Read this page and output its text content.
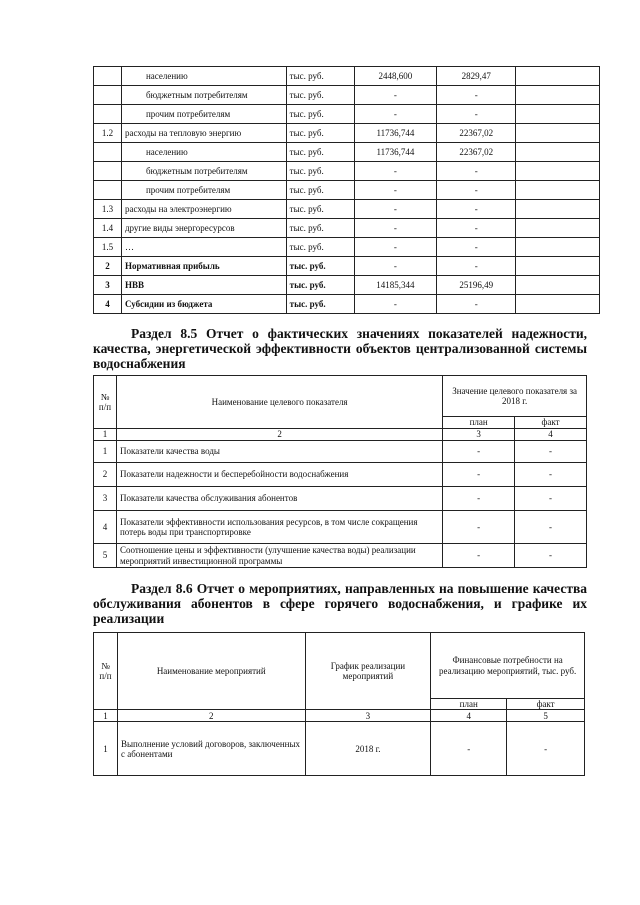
	населению	тыс. руб.	2448,600	2829,47	
	бюджетным потребителям	тыс. руб.	-	-	
	прочим потребителям	тыс. руб.	-	-	
1.2	расходы на тепловую энергию	тыс. руб.	11736,744	22367,02	
	населению	тыс. руб.	11736,744	22367,02	
	бюджетным потребителям	тыс. руб.	-	-	
	прочим потребителям	тыс. руб.	-	-	
1.3	расходы на электроэнергию	тыс. руб.	-	-	
1.4	другие виды энергоресурсов	тыс. руб.	-	-	
1.5	…	тыс. руб.	-	-	
2	Нормативная прибыль	тыс. руб.	-	-	
3	НВВ	тыс. руб.	14185,344	25196,49	
4	Субсидии из бюджета	тыс. руб.	-	-	
Раздел 8.5 Отчет о фактических значениях показателей надежности, качества, энергетической эффективности объектов централизованной системы водоснабжения
№ п/п	Наименование целевого показателя	Значение целевого показателя за 2018 г.	
		план	факт
1	2	3	4
1	Показатели качества воды	-	-
2	Показатели надежности и бесперебойности водоснабжения	-	-
3	Показатели качества обслуживания абонентов	-	-
4	Показатели эффективности использования ресурсов, в том числе сокращения потерь воды при транспортировке	-	-
5	Соотношение цены и эффективности (улучшение качества воды) реализации мероприятий инвестиционной программы	-	-
Раздел 8.6 Отчет о мероприятиях, направленных на повышение качества обслуживания абонентов в сфере горячего водоснабжения, и графике их реализации
№ п/п	Наименование мероприятий	График реализации мероприятий	Финансовые потребности на реализацию мероприятий, тыс. руб.	
			план	факт
1	2	3	4	5
1	Выполнение условий договоров, заключенных с абонентами	2018 г.	-	-
